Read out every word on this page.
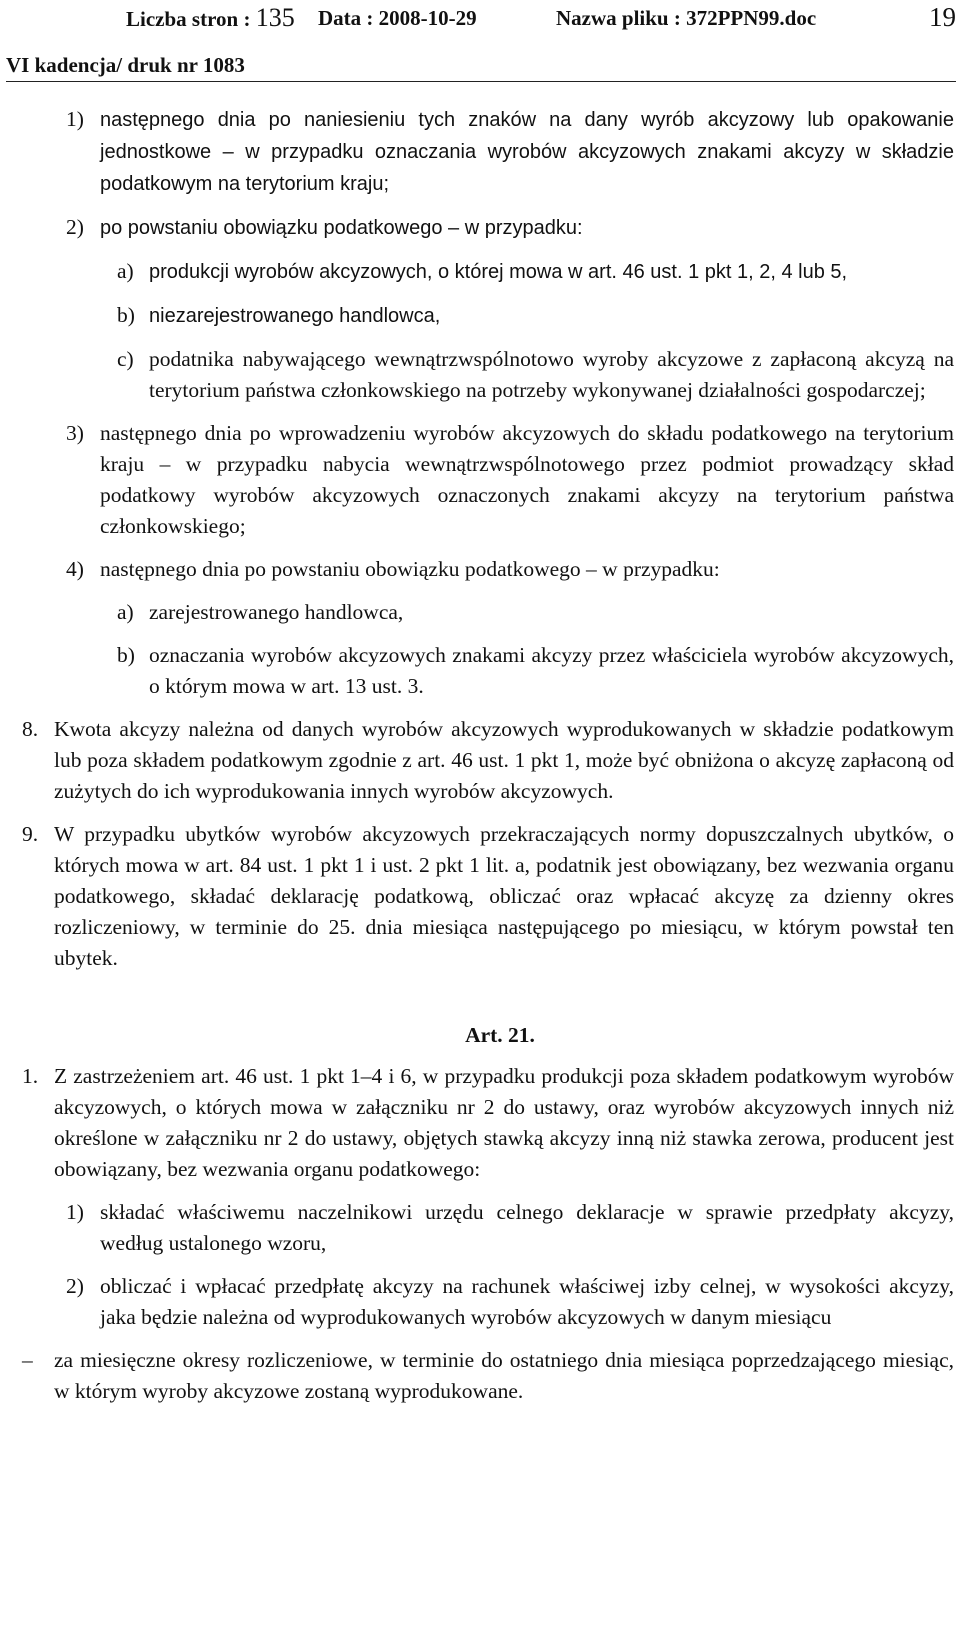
Liczba stron : 135 Data : 2008-10-29	Nazwa pliku : 372PPN99.doc	19
VI kadencja/ druk nr 1083
1) następnego dnia po naniesieniu tych znaków na dany wyrób akcyzowy lub opakowanie jednostkowe – w przypadku oznaczania wyrobów akcyzowych znakami akcyzy w składzie podatkowym na terytorium kraju;
2) po powstaniu obowiązku podatkowego – w przypadku:
a) produkcji wyrobów akcyzowych, o której mowa w art. 46 ust. 1 pkt 1, 2, 4 lub 5,
b) niezarejestrowanego handlowca,
c) podatnika nabywającego wewnątrzwspólnotowo wyroby akcyzowe z zapłaconą akcyzą na terytorium państwa członkowskiego na potrzeby wykonywanej działalności gospodarczej;
3) następnego dnia po wprowadzeniu wyrobów akcyzowych do składu podatkowego na terytorium kraju – w przypadku nabycia wewnątrzwspólnotowego przez podmiot prowadzący skład podatkowy wyrobów akcyzowych oznaczonych znakami akcyzy na terytorium państwa członkowskiego;
4) następnego dnia po powstaniu obowiązku podatkowego – w przypadku:
a) zarejestrowanego handlowca,
b) oznaczania wyrobów akcyzowych znakami akcyzy przez właściciela wyrobów akcyzowych, o którym mowa w art. 13 ust. 3.
8. Kwota akcyzy należna od danych wyrobów akcyzowych wyprodukowanych w składzie podatkowym lub poza składem podatkowym zgodnie z art. 46 ust. 1 pkt 1, może być obniżona o akcyzę zapłaconą od zużytych do ich wyprodukowania innych wyrobów akcyzowych.
9. W przypadku ubytków wyrobów akcyzowych przekraczających normy dopuszczalnych ubytków, o których mowa w art. 84 ust. 1 pkt 1 i ust. 2 pkt 1 lit. a, podatnik jest obowiązany, bez wezwania organu podatkowego, składać deklarację podatkową, obliczać oraz wpłacać akcyzę za dzienny okres rozliczeniowy, w terminie do 25. dnia miesiąca następującego po miesiącu, w którym powstał ten ubytek.
Art. 21.
1. Z zastrzeżeniem art. 46 ust. 1 pkt 1–4 i 6, w przypadku produkcji poza składem podatkowym wyrobów akcyzowych, o których mowa w załączniku nr 2 do ustawy, oraz wyrobów akcyzowych innych niż określone w załączniku nr 2 do ustawy, objętych stawką akcyzy inną niż stawka zerowa, producent jest obowiązany, bez wezwania organu podatkowego:
1) składać właściwemu naczelnikowi urzędu celnego deklaracje w sprawie przedpłaty akcyzy, według ustalonego wzoru,
2) obliczać i wpłacać przedpłatę akcyzy na rachunek właściwej izby celnej, w wysokości akcyzy, jaka będzie należna od wyprodukowanych wyrobów akcyzowych w danym miesiącu
– za miesięczne okresy rozliczeniowe, w terminie do ostatniego dnia miesiąca poprzedzającego miesiąc, w którym wyroby akcyzowe zostaną wyprodukowane.
